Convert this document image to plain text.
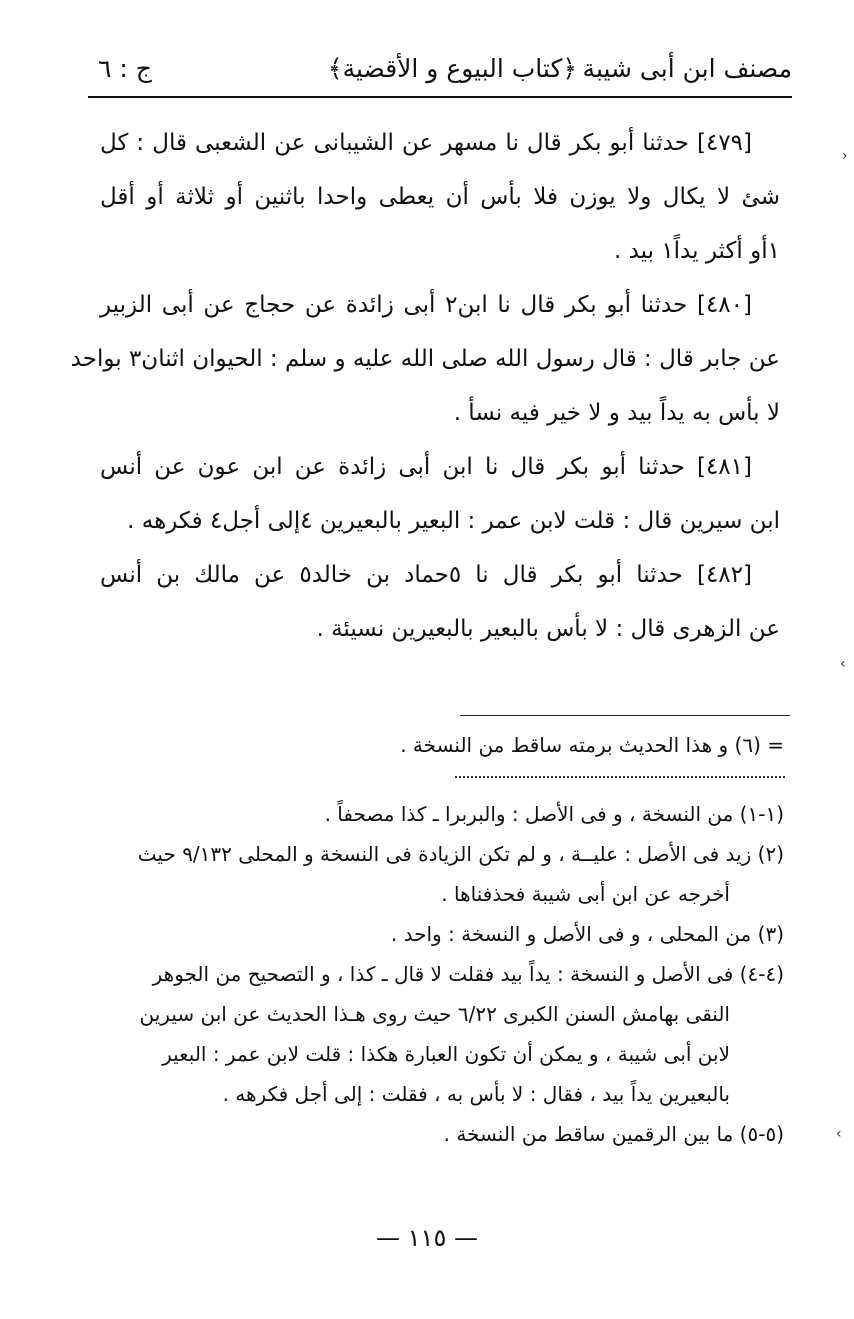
مصنف ابن أبى شيبة
﴿كتاب البيوع و الأقضية﴾
ج : ٦
[٤٧٩] حدثنا أبو بكر قال نا مسهر عن الشيبانى عن الشعبى قال : كل
شئ لا يكال ولا يوزن فلا بأس أن يعطى واحدا باثنين أو ثلاثة أو أقل
١أو أكثر يداً١ بيد .
[٤٨٠] حدثنا أبو بكر قال نا ابن٢ أبى زائدة عن حجاج عن أبى الزبير
عن جابر قال : قال رسول الله صلى الله عليه و سلم : الحيوان اثنان٣ بواحد
لا بأس به يداً بيد و لا خير فيه نسأ .
[٤٨١] حدثنا أبو بكر قال نا ابن أبى زائدة عن ابن عون عن أنس
ابن سيرين قال : قلت لابن عمر : البعير بالبعيرين ٤إلى أجل٤ فكرهه .
[٤٨٢] حدثنا أبو بكر قال نا ٥حماد بن خالد٥ عن مالك بن أنس
عن الزهرى قال : لا بأس بالبعير بالبعيرين نسيئة .
= (٦) و هذا الحديث برمته ساقط من النسخة .
(١-١) من النسخة ، و فى الأصل : والبربرا ـ كذا مصحفاً .
(٢) زيد فى الأصل : عليــة ، و لم تكن الزيادة فى النسخة و المحلى ٩/١٣٢ حيث
أخرجه عن ابن أبى شيبة فحذفناها .
(٣) من المحلى ، و فى الأصل و النسخة : واحد .
(٤-٤) فى الأصل و النسخة : يداً بيد فقلت لا قال ـ كذا ، و التصحيح من الجوهر
النقى بهامش السنن الكبرى ٦/٢٢ حيث روى هـذا الحديث عن ابن سيرين
لابن أبى شيبة ، و يمكن أن تكون العبارة هكذا : قلت لابن عمر : البعير
بالبعيرين يداً بيد ، فقال : لا بأس به ، فقلت : إلى أجل فكرهه .
(٥-٥) ما بين الرقمين ساقط من النسخة .
— ١١٥ —
›
‹
‹
